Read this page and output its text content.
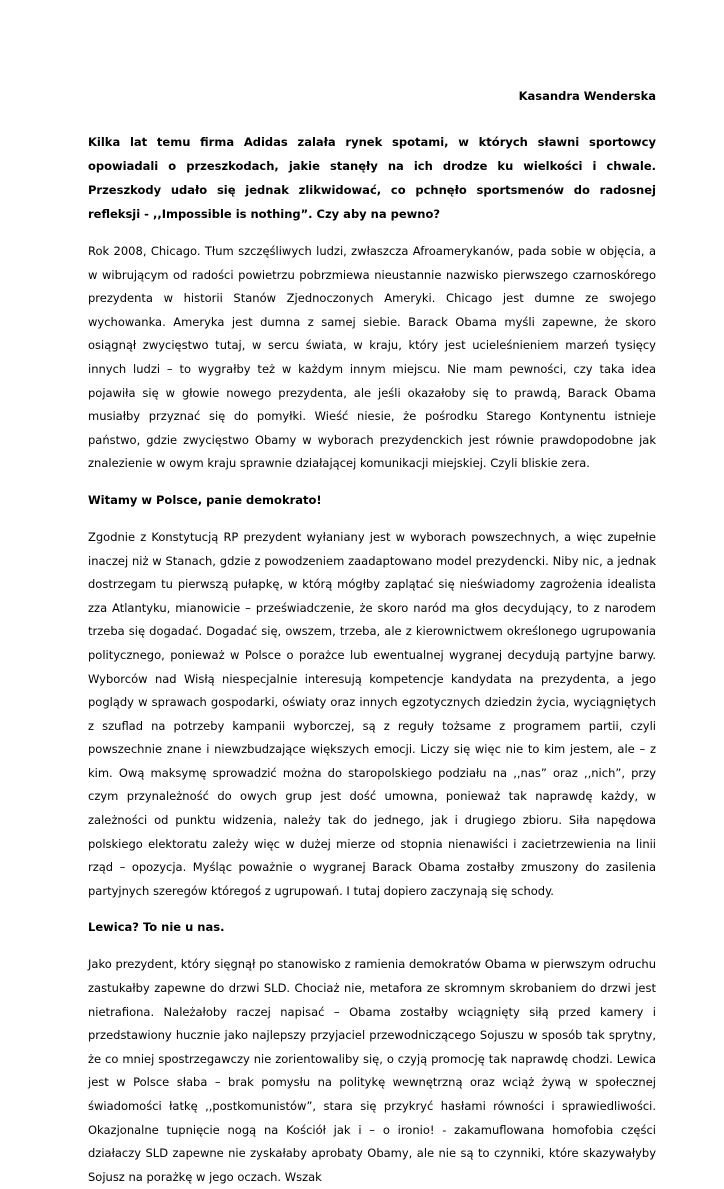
Kasandra Wenderska

Kilka lat temu firma Adidas zalała rynek spotami, w których sławni sportowcy opowiadali o przeszkodach, jakie stanęły na ich drodze ku wielkości i chwale. Przeszkody udało się jednak zlikwidować, co pchnęło sportsmenów do radosnej refleksji - ,,Impossible is nothing”. Czy aby na pewno?

Rok 2008, Chicago. Tłum szczęśliwych ludzi, zwłaszcza Afroamerykanów, pada sobie w objęcia, a w wibrującym od radości powietrzu pobrzmiewa nieustannie nazwisko pierwszego czarnoskórego prezydenta w historii Stanów Zjednoczonych Ameryki. Chicago jest dumne ze swojego wychowanka. Ameryka jest dumna z samej siebie. Barack Obama myśli zapewne, że skoro osiągnął zwycięstwo tutaj, w sercu świata, w kraju, który jest ucieleśnieniem marzeń tysięcy innych ludzi – to wygrałby też w każdym innym miejscu. Nie mam pewności, czy taka idea pojawiła się w głowie nowego prezydenta, ale jeśli okazałoby się to prawdą, Barack Obama musiałby przyznać się do pomyłki. Wieść niesie, że pośrodku Starego Kontynentu istnieje państwo, gdzie zwycięstwo Obamy w wyborach prezydenckich jest równie prawdopodobne jak znalezienie w owym kraju sprawnie działającej komunikacji miejskiej. Czyli bliskie zera.

Witamy w Polsce, panie demokrato!

Zgodnie z Konstytucją RP prezydent wyłaniany jest w wyborach powszechnych, a więc zupełnie inaczej niż w Stanach, gdzie z powodzeniem zaadaptowano model prezydencki. Niby nic, a jednak dostrzegam tu pierwszą pułapkę, w którą mógłby zaplątać się nieświadomy zagrożenia idealista zza Atlantyku, mianowicie – przeświadczenie, że skoro naród ma głos decydujący, to z narodem trzeba się dogadać. Dogadać się, owszem, trzeba, ale z kierownictwem określonego ugrupowania politycznego, ponieważ w Polsce o porażce lub ewentualnej wygranej decydują partyjne barwy. Wyborców nad Wisłą niespecjalnie interesują kompetencje kandydata na prezydenta, a jego poglądy w sprawach gospodarki, oświaty oraz innych egzotycznych dziedzin życia, wyciągniętych z szuflad na potrzeby kampanii wyborczej, są z reguły tożsame z programem partii, czyli powszechnie znane i niewzbudzające większych emocji. Liczy się więc nie to kim jestem, ale – z kim. Ową maksymę sprowadzić można do staropolskiego podziału na ,,nas” oraz ,,nich”, przy czym przynależność do owych grup jest dość umowna, ponieważ tak naprawdę każdy, w zależności od punktu widzenia, należy tak do jednego, jak i drugiego zbioru. Siła napędowa polskiego elektoratu zależy więc w dużej mierze od stopnia nienawiści i zacietrzewienia na linii rząd – opozycja. Myśląc poważnie o wygranej Barack Obama zostałby zmuszony do zasilenia partyjnych szeregów któregoś z ugrupowań. I tutaj dopiero zaczynają się schody.

Lewica? To nie u nas.

Jako prezydent, który sięgnął po stanowisko z ramienia demokratów Obama w pierwszym odruchu zastukałby zapewne do drzwi SLD. Chociaż nie, metafora ze skromnym skrobaniem do drzwi jest nietrafiona. Należałoby raczej napisać – Obama zostałby wciągnięty siłą przed kamery i przedstawiony hucznie jako najlepszy przyjaciel przewodniczącego Sojuszu w sposób tak sprytny, że co mniej spostrzegawczy nie zorientowaliby się, o czyją promocję tak naprawdę chodzi. Lewica jest w Polsce słaba – brak pomysłu na politykę wewnętrzną oraz wciąż żywą w społecznej świadomości łatkę ,,postkomunistów”, stara się przykryć hasłami równości i sprawiedliwości. Okazjonalne tupnięcie nogą na Kościół jak i – o ironio! - zakamuflowana homofobia części działaczy SLD zapewne nie zyskałaby aprobaty Obamy, ale nie są to czynniki, które skazywałyby Sojusz na porażkę w jego oczach. Wszak
